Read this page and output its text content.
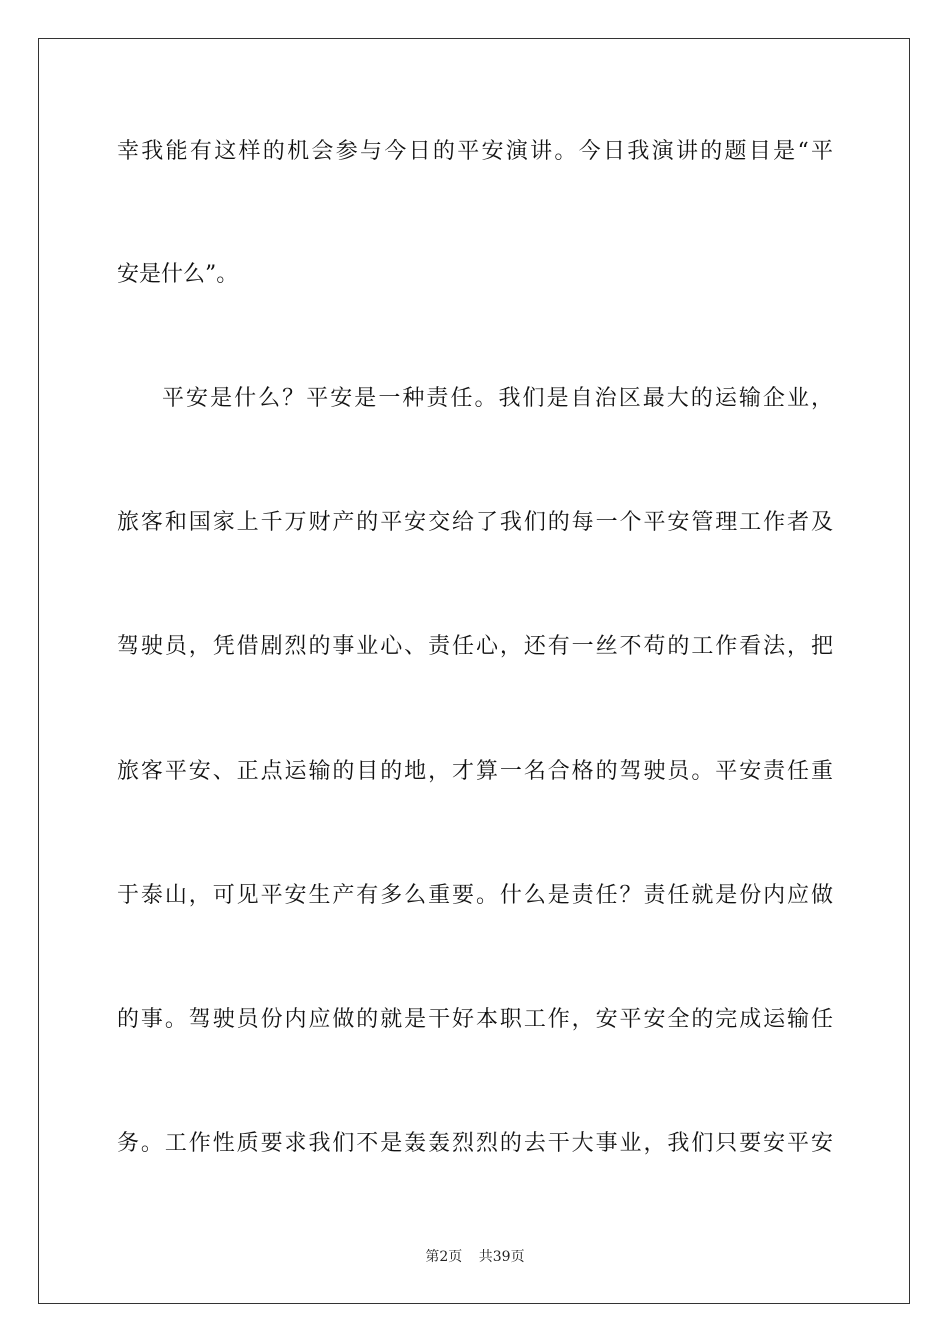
幸我能有这样的机会参与今日的平安演讲。今日我演讲的题目是“平
安是什么”。
平安是什么？平安是一种责任。我们是自治区最大的运输企业，
旅客和国家上千万财产的平安交给了我们的每一个平安管理工作者及
驾驶员，凭借剧烈的事业心、责任心，还有一丝不苟的工作看法，把
旅客平安、正点运输的目的地，才算一名合格的驾驶员。平安责任重
于泰山，可见平安生产有多么重要。什么是责任？责任就是份内应做
的事。驾驶员份内应做的就是干好本职工作，安平安全的完成运输任
务。工作性质要求我们不是轰轰烈烈的去干大事业，我们只要安平安
第2页 共39页
